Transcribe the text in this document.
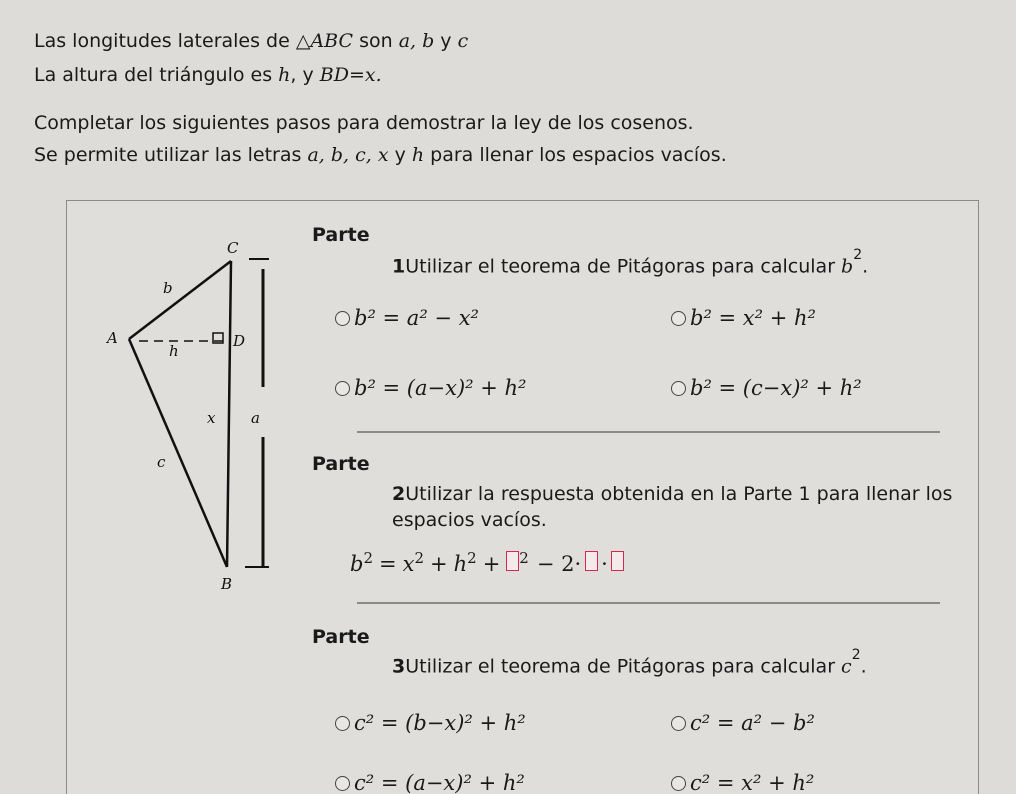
Las longitudes laterales de △ABC son a, b y c
La altura del triángulo es h, y BD=x.
Completar los siguientes pasos para demostrar la ley de los cosenos.
Se permite utilizar las letras a, b, c, x y h para llenar los espacios vacíos.
C
A
B
D
b
h
x a
c
Parte
1Utilizar el teorema de Pitágoras para calcular $b^2$.
b² = a² − x²	b² = x² + h²
b² = (a−x)² + h²	b² = (c−x)² + h²
Parte
2Utilizar la respuesta obtenida en la Parte 1 para llenar los
espacios vacíos.
$b^2 = x^2 + h^2 + ^2 - 2\cdot$ ·
Parte
3Utilizar el teorema de Pitágoras para calcular $c^2$.
c² = (b−x)² + h²	c² = a² − b²
c² = (a−x)² + h²	c² = x² + h²
